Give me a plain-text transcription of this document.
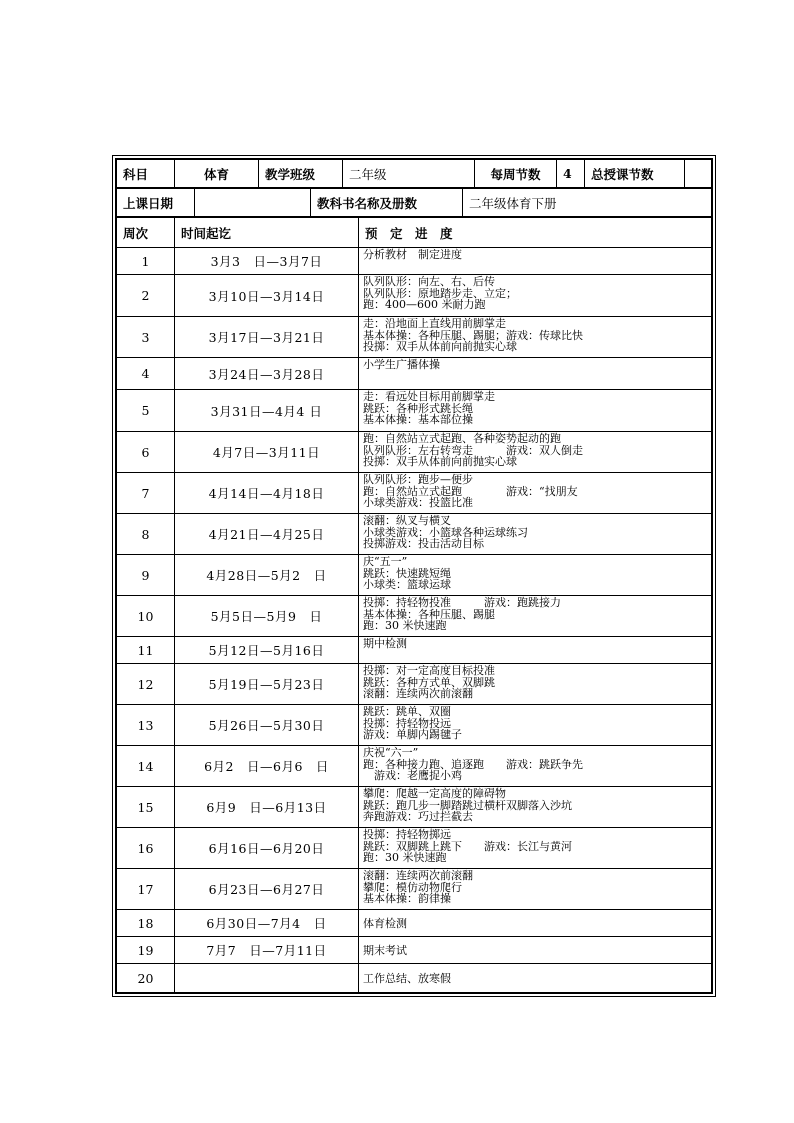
科目	体育	教学班级	二年级	每周节数	4	总授课节数	
上课日期		教科书名称及册数	二年级体育下册
周次	时间起讫	预　定　进　度
1	3月3　日—3月7日	分析教材　制定进度

2	3月10日—3月14日	队列队形：向左、右、后传
队列队形：原地踏步走、立定；
跑：400—600 米耐力跑

3	3月17日—3月21日	走：沿地面上直线用前脚掌走
基本体操：各种压腿、踢腿；游戏：传球比快
投掷：双手从体前向前抛实心球

4	3月24日—3月28日	小学生广播体操

5	3月31日—4月4 日	走：看远处目标用前脚掌走
跳跃：各种形式跳长绳
基本体操：基本部位操

6	4月7日—3月11日	跑：自然站立式起跑、各种姿势起动的跑
队列队形：左右转弯走　　　游戏：双人倒走
投掷：双手从体前向前抛实心球

7	4月14日—4月18日	队列队形：跑步—便步
跑：自然站立式起跑　　　　游戏：“找朋友
小球类游戏：投篮比准

8	4月21日—4月25日	滚翻：纵叉与横叉
小球类游戏：小篮球各种运球练习
投掷游戏：投击活动目标

9	4月28日—5月2　日	庆“五一”
跳跃：快速跳短绳
小球类：篮球运球

10	5月5日—5月9　日	投掷：持轻物投准　　　游戏：跑跳接力
基本体操：各种压腿、踢腿
跑：30 米快速跑

11	5月12日—5月16日	期中检测

12	5月19日—5月23日	投掷：对一定高度目标投准
跳跃：各种方式单、双脚跳
滚翻：连续两次前滚翻

13	5月26日—5月30日	跳跃：跳单、双圈
投掷：持轻物投远
游戏：单脚内踢毽子

14	6月2　日—6月6　日	庆祝“六一”
跑：各种接力跑、追逐跑　　游戏：跳跃争先
　游戏：老鹰捉小鸡

15	6月9　日—6月13日	攀爬：爬越一定高度的障碍物
跳跃：跑几步一脚踏跳过横杆双脚落入沙坑
奔跑游戏：巧过拦截去

16	6月16日—6月20日	投掷：持轻物掷远
跳跃：双脚跳上跳下　　游戏：长江与黄河
跑：30 米快速跑

17	6月23日—6月27日	滚翻：连续两次前滚翻
攀爬：模仿动物爬行
基本体操：韵律操

18	6月30日—7月4　日	体育检测

19	7月7　日—7月11日	期末考试

20		工作总结、放寒假
